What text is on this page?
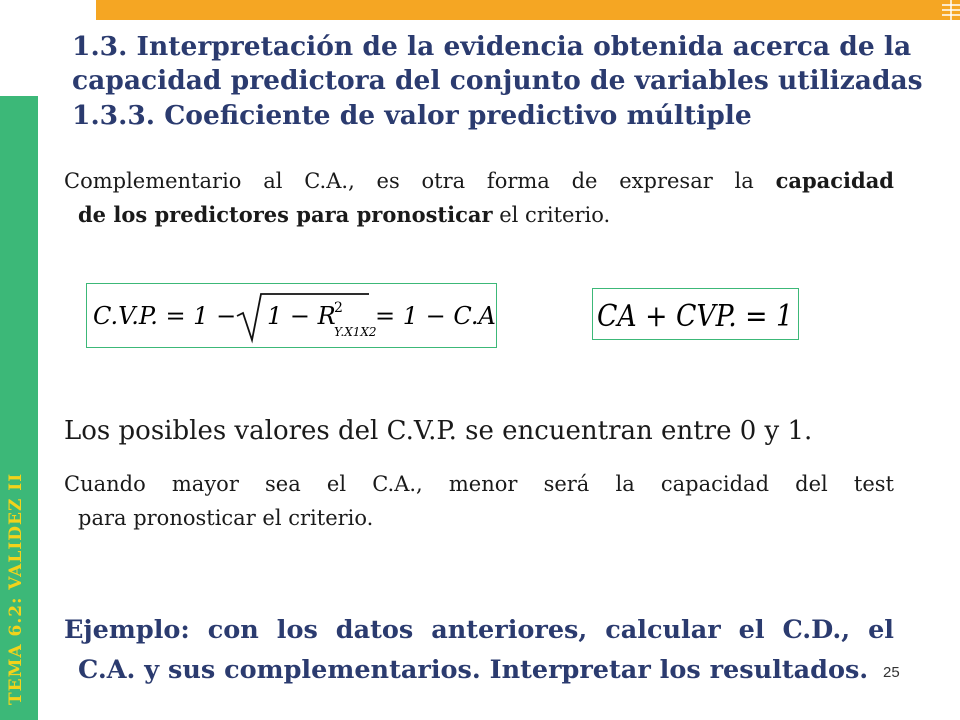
TEMA 6.2: VALIDEZ II
1.3. Interpretación de la evidencia obtenida acerca de la
capacidad predictora del conjunto de variables utilizadas
1.3.3. Coeficiente de valor predictivo múltiple
Complementario al C.A., es otra forma de expresar la capacidad
de los predictores para pronosticar el criterio.
C.V.P. = 1 − 1 − R
2
Y.X1X2
= 1 − C.A.	CA + CVP. = 1
Los posibles valores del C.V.P. se encuentran entre 0 y 1.
Cuando mayor sea el C.A., menor será la capacidad del test
para pronosticar el criterio.
Ejemplo: con los datos anteriores, calcular el C.D., el
C.A. y sus complementarios. Interpretar los resultados. 25
